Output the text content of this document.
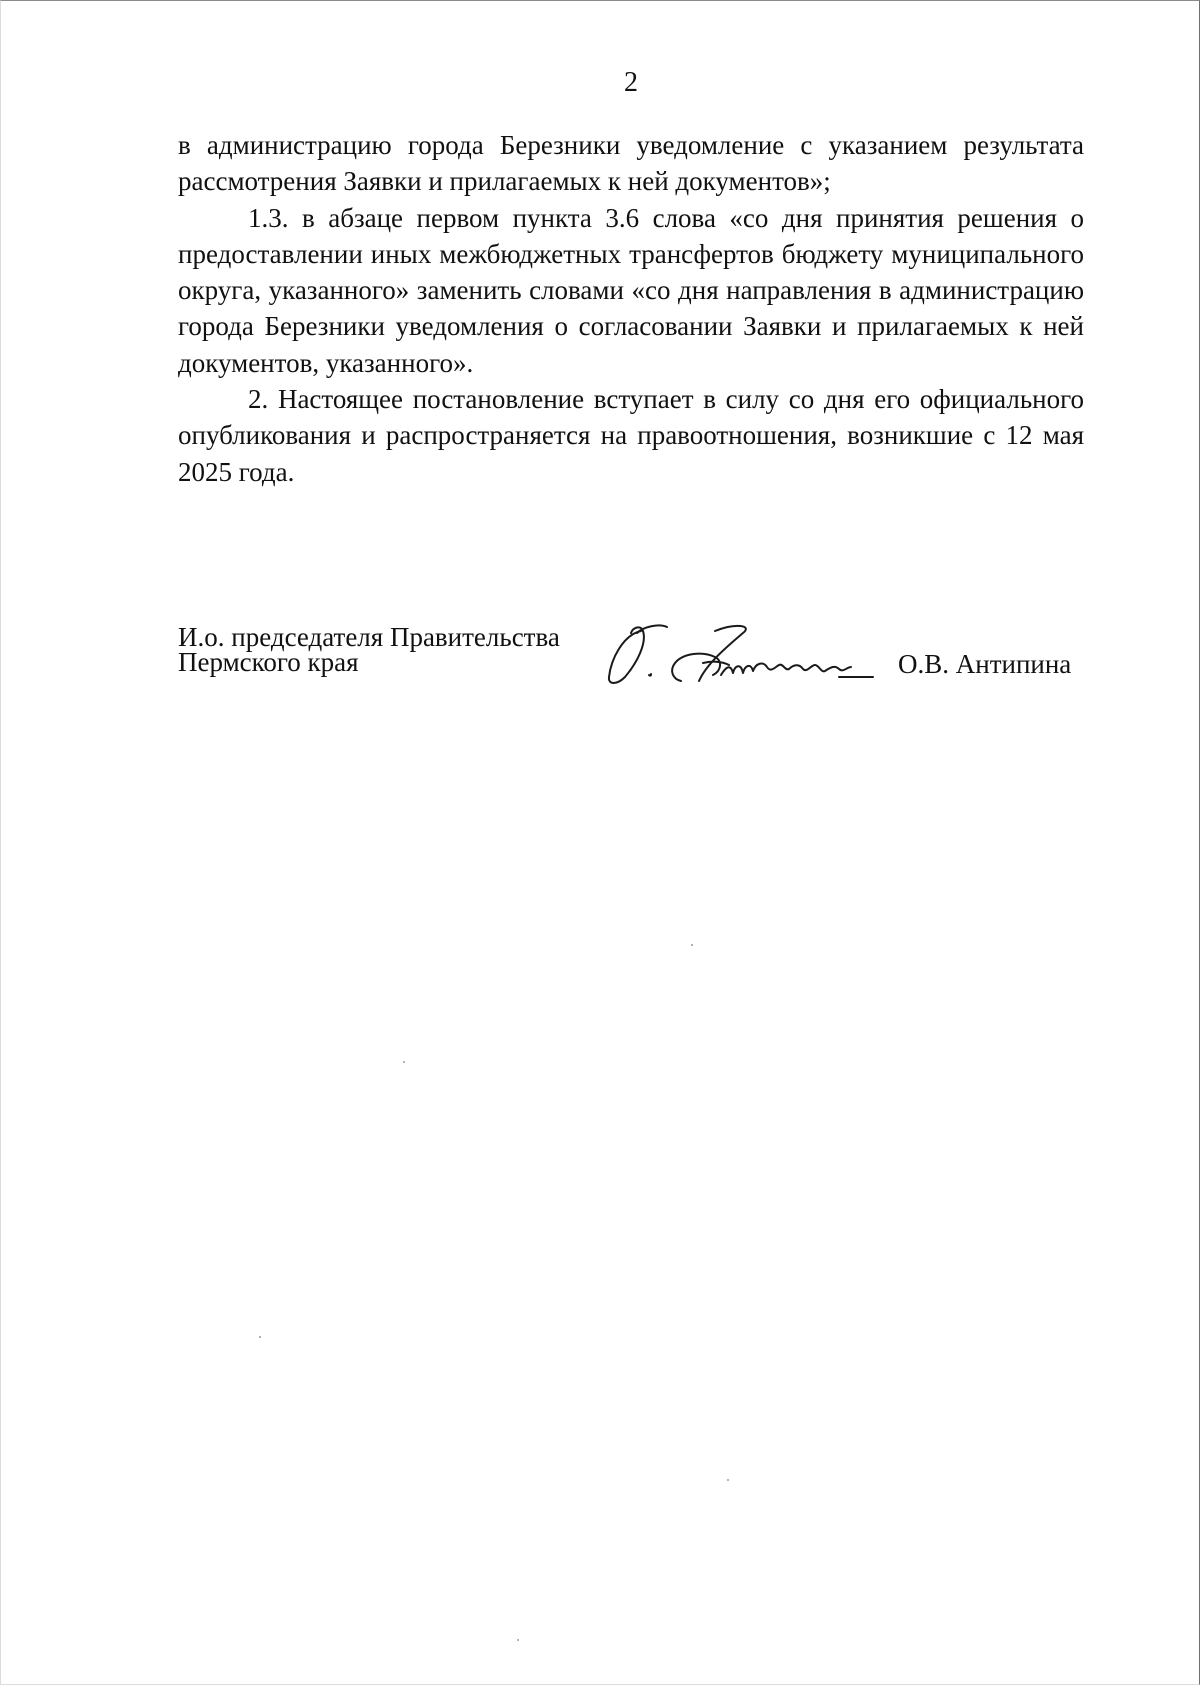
2

в администрацию города Березники уведомление с указанием результата рассмотрения Заявки и прилагаемых к ней документов»;

1.3. в абзаце первом пункта 3.6 слова «со дня принятия решения о предоставлении иных межбюджетных трансфертов бюджету муниципального округа, указанного» заменить словами «со дня направления в администрацию города Березники уведомления о согласовании Заявки и прилагаемых к ней документов, указанного».

2. Настоящее постановление вступает в силу со дня его официального опубликования и распространяется на правоотношения, возникшие с 12 мая 2025 года.

И.о. председателя Правительства
Пермского края	О.В. Антипина
